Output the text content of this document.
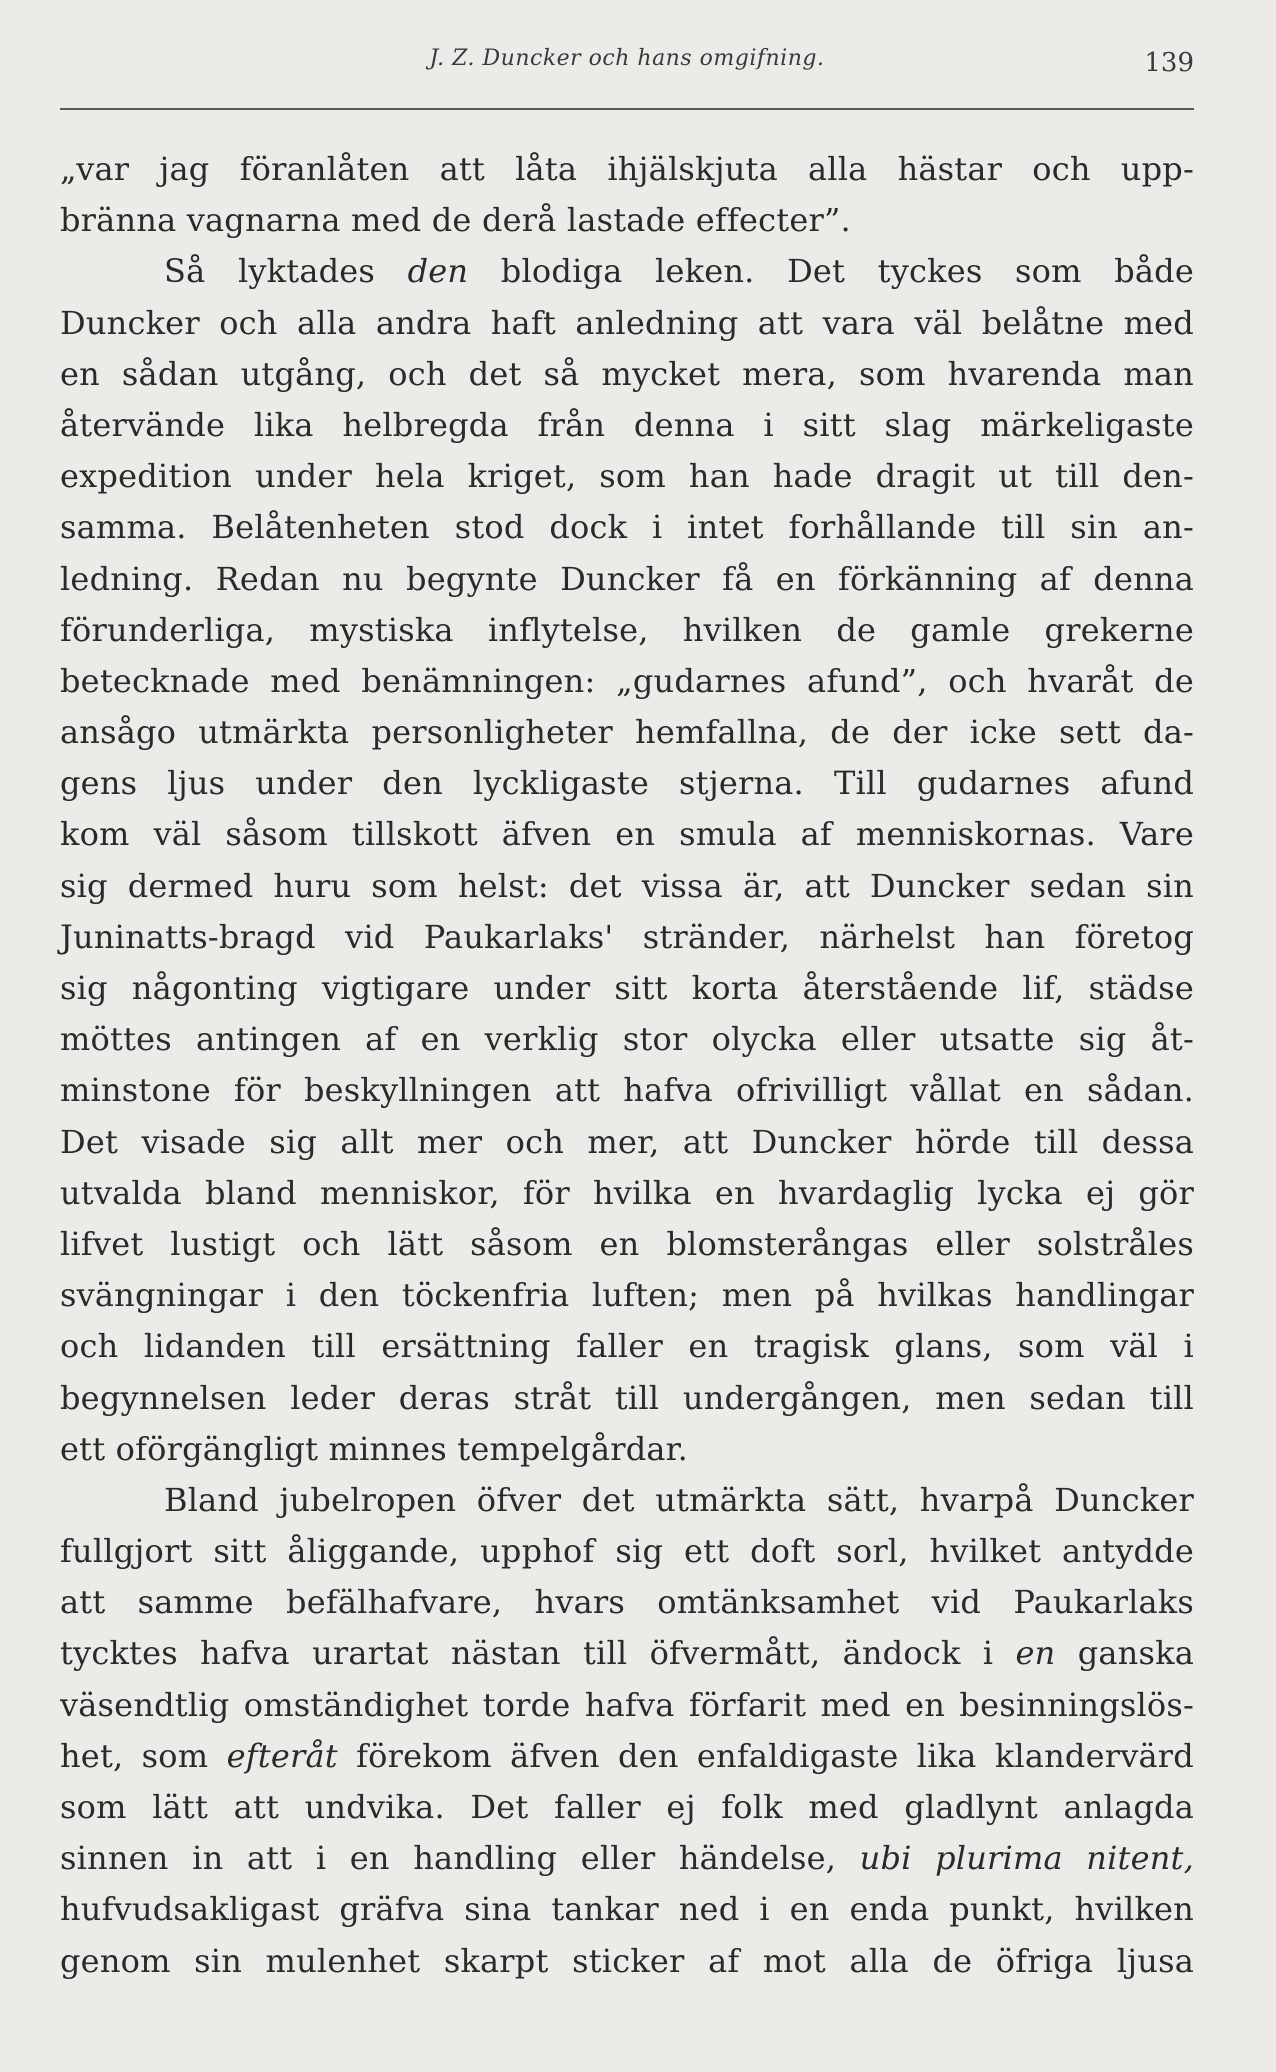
J. Z. Duncker och hans omgifning.	139
„var jag föranlåten att låta ihjälskjuta alla hästar och upp-
bränna vagnarna med de derå lastade effecter”.
Så lyktades den blodiga leken. Det tyckes som både
Duncker och alla andra haft anledning att vara väl belåtne med
en sådan utgång, och det så mycket mera, som hvarenda man
återvände lika helbregda från denna i sitt slag märkeligaste
expedition under hela kriget, som han hade dragit ut till den-
samma. Belåtenheten stod dock i intet forhållande till sin an-
ledning. Redan nu begynte Duncker få en förkänning af denna
förunderliga, mystiska inflytelse, hvilken de gamle grekerne
betecknade med benämningen: „gudarnes afund”, och hvaråt de
ansågo utmärkta personligheter hemfallna, de der icke sett da-
gens ljus under den lyckligaste stjerna. Till gudarnes afund
kom väl såsom tillskott äfven en smula af menniskornas. Vare
sig dermed huru som helst: det vissa är, att Duncker sedan sin
Juninatts-bragd vid Paukarlaks' stränder, närhelst han företog
sig någonting vigtigare under sitt korta återstående lif, städse
möttes antingen af en verklig stor olycka eller utsatte sig åt-
minstone för beskyllningen att hafva ofrivilligt vållat en sådan.
Det visade sig allt mer och mer, att Duncker hörde till dessa
utvalda bland menniskor, för hvilka en hvardaglig lycka ej gör
lifvet lustigt och lätt såsom en blomsterångas eller solstråles
svängningar i den töckenfria luften; men på hvilkas handlingar
och lidanden till ersättning faller en tragisk glans, som väl i
begynnelsen leder deras stråt till undergången, men sedan till
ett oförgängligt minnes tempelgårdar.
Bland jubelropen öfver det utmärkta sätt, hvarpå Duncker
fullgjort sitt åliggande, upphof sig ett doft sorl, hvilket antydde
att samme befälhafvare, hvars omtänksamhet vid Paukarlaks
tycktes hafva urartat nästan till öfvermått, ändock i en ganska
väsendtlig omständighet torde hafva förfarit med en besinningslös-
het, som efteråt förekom äfven den enfaldigaste lika klandervärd
som lätt att undvika. Det faller ej folk med gladlynt anlagda
sinnen in att i en handling eller händelse, ubi plurima nitent,
hufvudsakligast gräfva sina tankar ned i en enda punkt, hvilken
genom sin mulenhet skarpt sticker af mot alla de öfriga ljusa
